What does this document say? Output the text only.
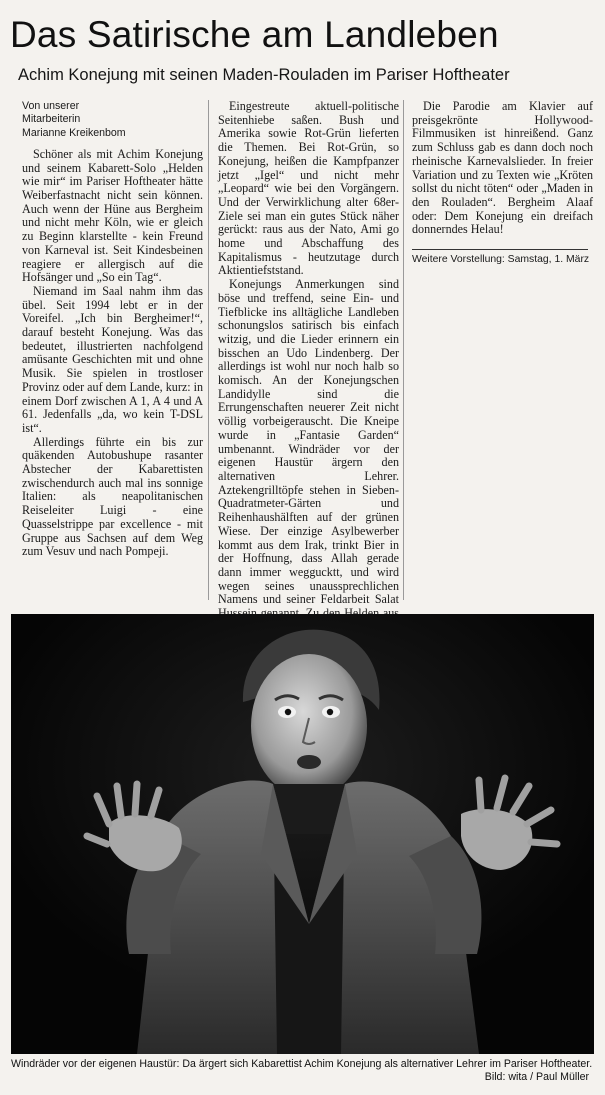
Das Satirische am Landleben
Achim Konejung mit seinen Maden-Rouladen im Pariser Hoftheater
Von unserer
Mitarbeiterin
Marianne Kreikenbom

Schöner als mit Achim Konejung und seinem Kabarett-Solo „Helden wie mir“ im Pariser Hoftheater hätte Weiberfastnacht nicht sein können. Auch wenn der Hüne aus Bergheim und nicht mehr Köln, wie er gleich zu Beginn klarstellte - kein Freund von Karneval ist. Seit Kindesbeinen reagiere er allergisch auf die Hofsänger und „So ein Tag“.

Niemand im Saal nahm ihm das übel. Seit 1994 lebt er in der Voreifel. „Ich bin Bergheimer!“, darauf besteht Konejung. Was das bedeutet, illustrierten nachfolgend amüsante Geschichten mit und ohne Musik. Sie spielen in trostloser Provinz oder auf dem Lande, kurz: in einem Dorf zwischen A 1, A 4 und A 61. Jedenfalls „da, wo kein T-DSL ist“.

Allerdings führte ein bis zur quäkenden Autobushupe rasanter Abstecher der Kabarettisten zwischendurch auch mal ins sonnige Italien: als neapolitanischen Reiseleiter Luigi - eine Quasselstrippe par excellence - mit Gruppe aus Sachsen auf dem Weg zum Vesuv und nach Pompeji.

Eingestreute aktuell-politische Seitenhiebe saßen. Bush und Amerika sowie Rot-Grün lieferten die Themen. Bei Rot-Grün, so Konejung, heißen die Kampfpanzer jetzt „Igel“ und nicht mehr „Leopard“ wie bei den Vorgängern. Und der Verwirklichung alter 68er-Ziele sei man ein gutes Stück näher gerückt: raus aus der Nato, Ami go home und Abschaffung des Kapitalismus - heutzutage durch Aktientiefststand.

Konejungs Anmerkungen sind böse und treffend, seine Ein- und Tiefblicke ins alltägliche Landleben schonungslos satirisch bis einfach witzig, und die Lieder erinnern ein bisschen an Udo Lindenberg. Der allerdings ist wohl nur noch halb so komisch. An der Konejungschen Landidylle sind die Errungenschaften neuerer Zeit nicht völlig vorbeigerauscht. Die Kneipe wurde in „Fantasie Garden“ umbenannt. Windräder vor der eigenen Haustür ärgern den alternativen Lehrer. Aztekengrilltöpfe stehen in Sieben-Quadratmeter-Gärten und Reihenhaushälften auf der grünen Wiese. Der einzige Asylbewerber kommt aus dem Irak, trinkt Bier in der Hoffnung, dass Allah gerade dann immer weggucktt, und wird wegen seines unaussprechlichen Namens und seiner Feldarbeit Salat

Die Parodie am Klavier auf preisgekrönte Hollywood-Filmmusiken ist hinreißend. Ganz zum Schluss gab es dann doch noch rheinische Karnevalslieder. In freier Variation und zu Texten wie „Kröten sollst du nicht töten“ oder „Maden in den Rouladen“. Bergheim Alaaf oder: Dem Konejung ein dreifach donnerndes Helau!

Weitere Vorstellung: Samstag, 1. März

Windräder vor der eigenen Haustür: Da ärgert sich Kabarettist Achim Konejung als alternativer Lehrer im Pariser Hoftheater.
Bild: wita / Paul Müller
